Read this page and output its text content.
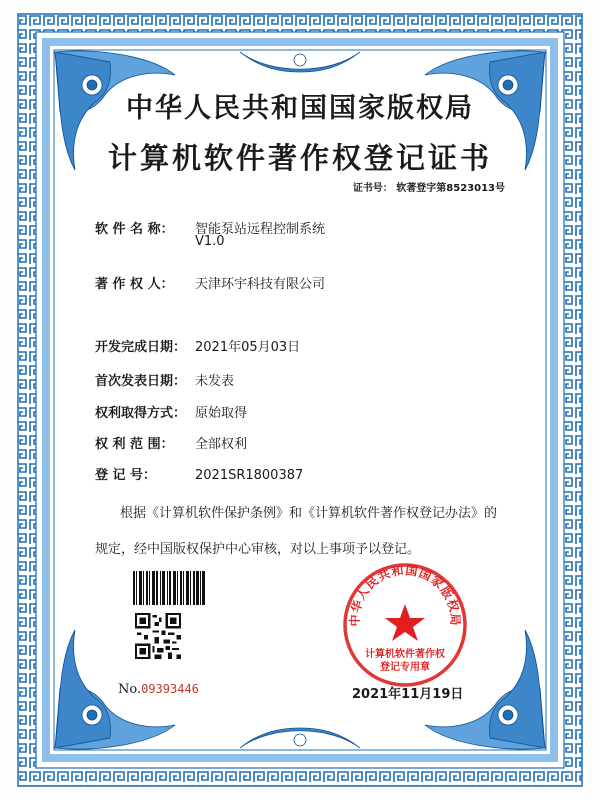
中华人民共和国国家版权局
计算机软件著作权登记证书
证书号： 软著登字第8523013号
软 件 名 称： 智能泵站远程控制系统
V1.0
著 作 权 人： 天津环宇科技有限公司
开发完成日期： 2021年05月03日
首次发表日期： 未发表
权利取得方式： 原始取得
权 利 范 围： 全部权利
登 记 号：	2021SR1800387
根据《计算机软件保护条例》和《计算机软件著作权登记办法》的
规定，经中国版权保护中心审核，对以上事项予以登记。
No.09393446
中华人民共和国国家版权局
计算机软件著作权
登记专用章
2021年11月19日
